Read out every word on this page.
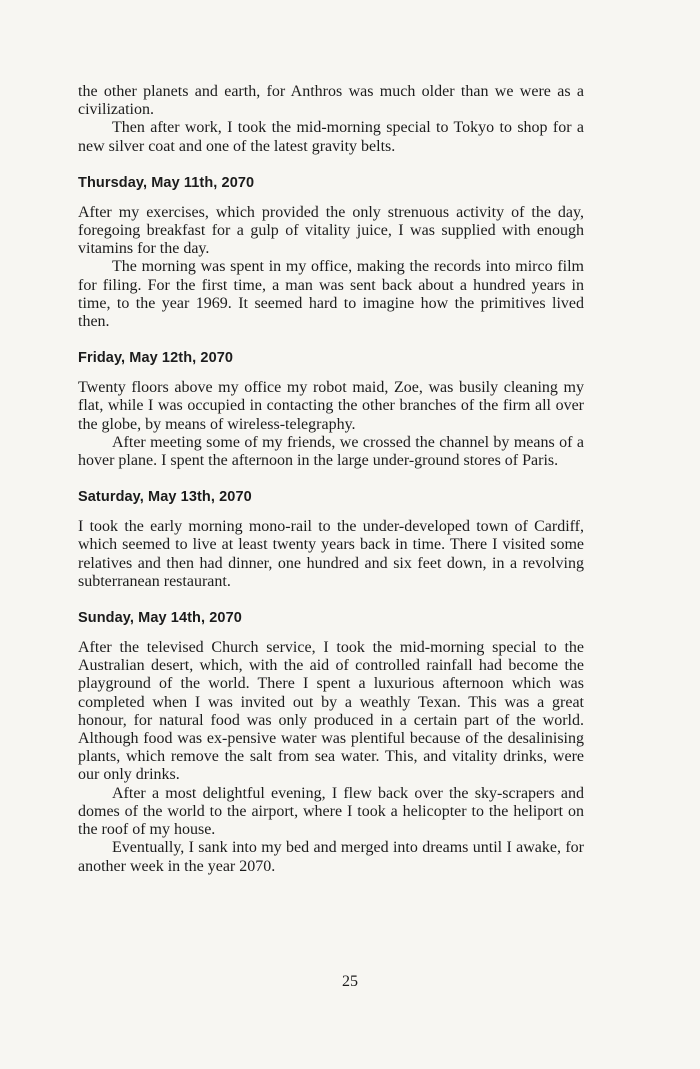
the other planets and earth, for Anthros was much older than we were as a civilization.

Then after work, I took the mid-morning special to Tokyo to shop for a new silver coat and one of the latest gravity belts.

Thursday, May 11th, 2070

After my exercises, which provided the only strenuous activity of the day, foregoing breakfast for a gulp of vitality juice, I was supplied with enough vitamins for the day.

The morning was spent in my office, making the records into mirco film for filing. For the first time, a man was sent back about a hundred years in time, to the year 1969. It seemed hard to imagine how the primitives lived then.

Friday, May 12th, 2070

Twenty floors above my office my robot maid, Zoe, was busily cleaning my flat, while I was occupied in contacting the other branches of the firm all over the globe, by means of wireless-telegraphy.

After meeting some of my friends, we crossed the channel by means of a hover plane. I spent the afternoon in the large under-ground stores of Paris.

Saturday, May 13th, 2070

I took the early morning mono-rail to the under-developed town of Cardiff, which seemed to live at least twenty years back in time. There I visited some relatives and then had dinner, one hundred and six feet down, in a revolving subterranean restaurant.

Sunday, May 14th, 2070

After the televised Church service, I took the mid-morning special to the Australian desert, which, with the aid of controlled rainfall had become the playground of the world. There I spent a luxurious afternoon which was completed when I was invited out by a weathly Texan. This was a great honour, for natural food was only produced in a certain part of the world. Although food was ex-pensive water was plentiful because of the desalinising plants, which remove the salt from sea water. This, and vitality drinks, were our only drinks.

After a most delightful evening, I flew back over the sky-scrapers and domes of the world to the airport, where I took a helicopter to the heliport on the roof of my house.

Eventually, I sank into my bed and merged into dreams until I awake, for another week in the year 2070.

25
